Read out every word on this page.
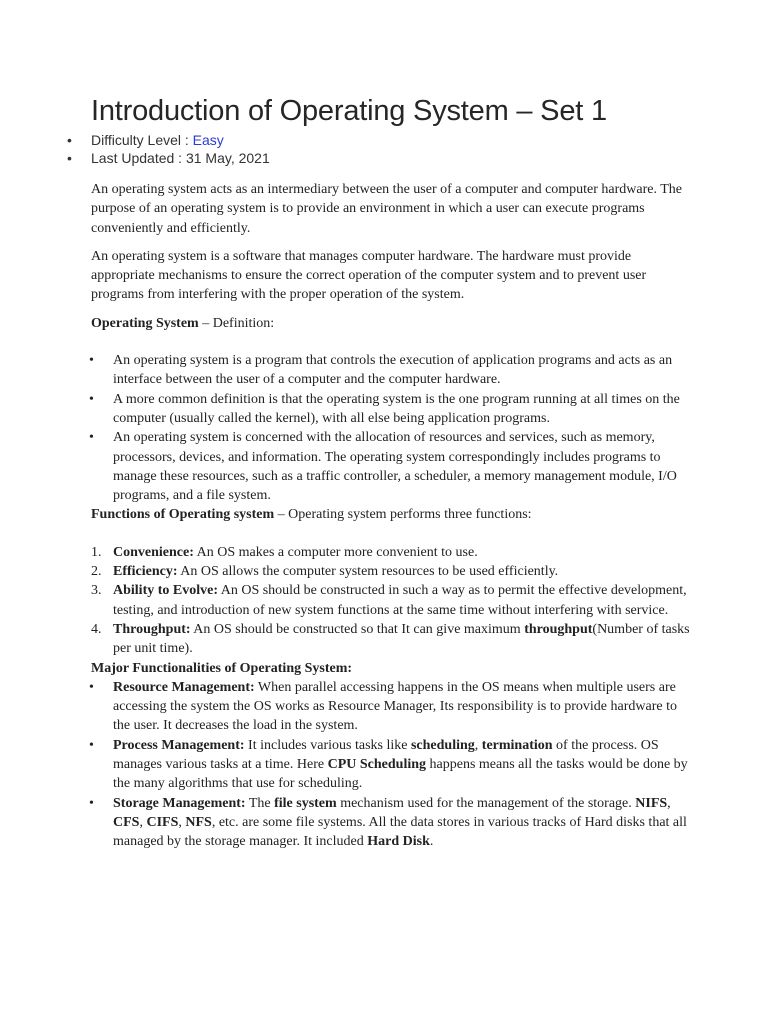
Introduction of Operating System – Set 1
• Difficulty Level : Easy
• Last Updated : 31 May, 2021

An operating system acts as an intermediary between the user of a computer and computer hardware. The purpose of an operating system is to provide an environment in which a user can execute programs conveniently and efficiently.

An operating system is a software that manages computer hardware. The hardware must provide appropriate mechanisms to ensure the correct operation of the computer system and to prevent user programs from interfering with the proper operation of the system.

Operating System – Definition:

• An operating system is a program that controls the execution of application programs and acts as an interface between the user of a computer and the computer hardware.
• A more common definition is that the operating system is the one program running at all times on the computer (usually called the kernel), with all else being application programs.
• An operating system is concerned with the allocation of resources and services, such as memory, processors, devices, and information. The operating system correspondingly includes programs to manage these resources, such as a traffic controller, a scheduler, a memory management module, I/O programs, and a file system.

Functions of Operating system – Operating system performs three functions:

1. Convenience: An OS makes a computer more convenient to use.
2. Efficiency: An OS allows the computer system resources to be used efficiently.
3. Ability to Evolve: An OS should be constructed in such a way as to permit the effective development, testing, and introduction of new system functions at the same time without interfering with service.
4. Throughput: An OS should be constructed so that It can give maximum throughput(Number of tasks per unit time).

Major Functionalities of Operating System:

• Resource Management: When parallel accessing happens in the OS means when multiple users are accessing the system the OS works as Resource Manager, Its responsibility is to provide hardware to the user. It decreases the load in the system.
• Process Management: It includes various tasks like scheduling, termination of the process. OS manages various tasks at a time. Here CPU Scheduling happens means all the tasks would be done by the many algorithms that use for scheduling.
• Storage Management: The file system mechanism used for the management of the storage. NIFS, CFS, CIFS, NFS, etc. are some file systems. All the data stores in various tracks of Hard disks that all managed by the storage manager. It included Hard Disk.
